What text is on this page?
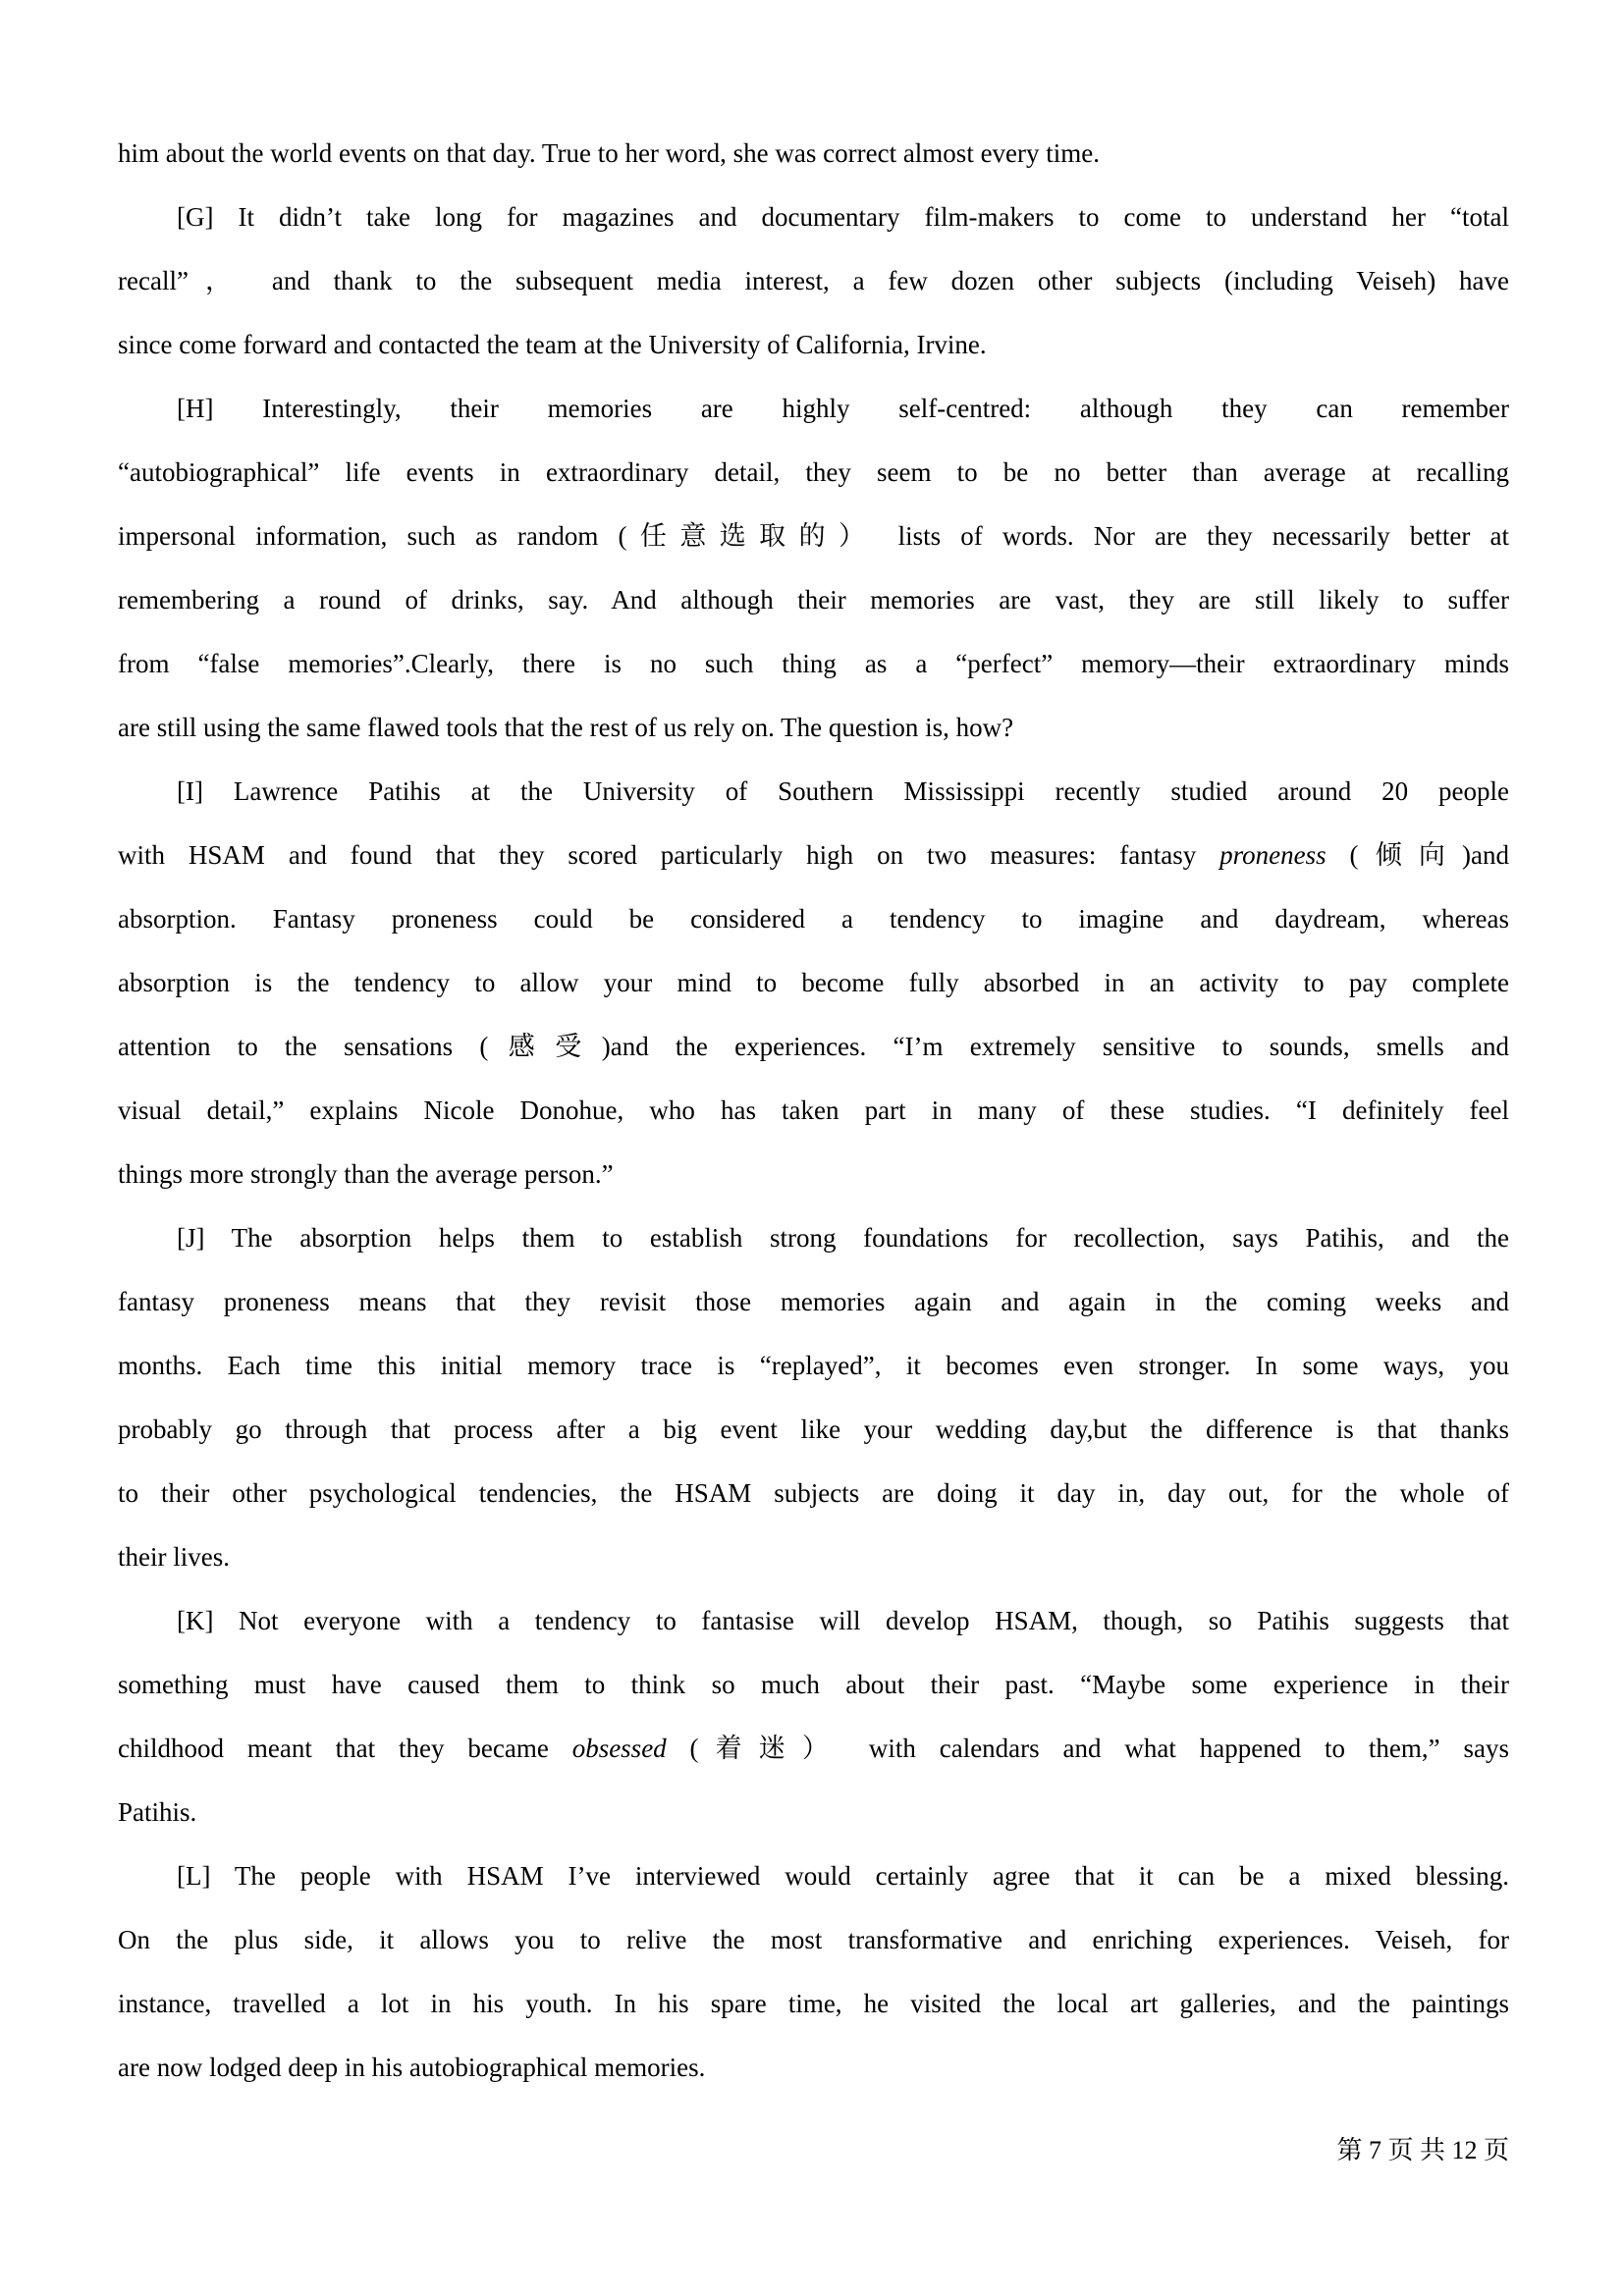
him about the world events on that day. True to her word, she was correct almost every time.
[G] It didn’t take long for magazines and documentary film-makers to come to understand her “total
recall”， and thank to the subsequent media interest, a few dozen other subjects (including Veiseh) have
since come forward and contacted the team at the University of California, Irvine.
[H] Interestingly, their memories are highly self-centred: although they can remember
“autobiographical” life events in extraordinary detail, they seem to be no better than average at recalling
impersonal information, such as random (任意选取的） lists of words. Nor are they necessarily better at
remembering a round of drinks, say. And although their memories are vast, they are still likely to suffer
from “false memories”.Clearly, there is no such thing as a “perfect” memory—their extraordinary minds
are still using the same flawed tools that the rest of us rely on. The question is, how?
[I] Lawrence Patihis at the University of Southern Mississippi recently studied around 20 people
with HSAM and found that they scored particularly high on two measures: fantasy proneness (倾向)and
absorption. Fantasy proneness could be considered a tendency to imagine and daydream, whereas
absorption is the tendency to allow your mind to become fully absorbed in an activity to pay complete
attention to the sensations (感受)and the experiences. “I’m extremely sensitive to sounds, smells and
visual detail,” explains Nicole Donohue, who has taken part in many of these studies. “I definitely feel
things more strongly than the average person.”
[J] The absorption helps them to establish strong foundations for recollection, says Patihis, and the
fantasy proneness means that they revisit those memories again and again in the coming weeks and
months. Each time this initial memory trace is “replayed”, it becomes even stronger. In some ways, you
probably go through that process after a big event like your wedding day,but the difference is that thanks
to their other psychological tendencies, the HSAM subjects are doing it day in, day out, for the whole of
their lives.
[K] Not everyone with a tendency to fantasise will develop HSAM, though, so Patihis suggests that
something must have caused them to think so much about their past. “Maybe some experience in their
childhood meant that they became obsessed (着迷） with calendars and what happened to them,” says
Patihis.
[L] The people with HSAM I’ve interviewed would certainly agree that it can be a mixed blessing.
On the plus side, it allows you to relive the most transformative and enriching experiences. Veiseh, for
instance, travelled a lot in his youth. In his spare time, he visited the local art galleries, and the paintings
are now lodged deep in his autobiographical memories.
第 7 页 共 12 页
